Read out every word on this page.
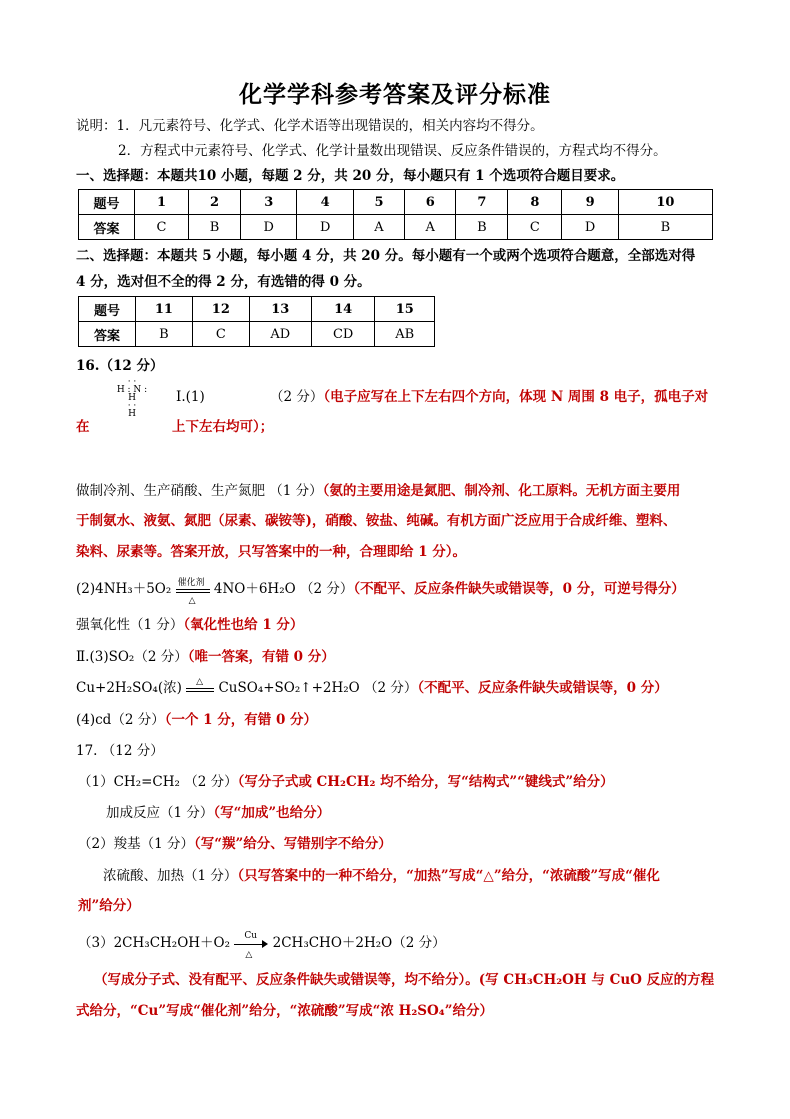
化学学科参考答案及评分标准
说明：1．凡元素符号、化学式、化学术语等出现错误的，相关内容均不得分。
2．方程式中元素符号、化学式、化学计量数出现错误、反应条件错误的，方程式均不得分。
一、选择题：本题共10 小题，每题 2 分，共 20 分，每小题只有 1 个选项符合题目要求。
题号	1	2	3	4	5	6	7	8	9	10
答案	C	B	D	D	A	A	B	C	D	B
二、选择题：本题共 5 小题，每小题 4 分，共 20 分。每小题有一个或两个选项符合题意，全部选对得
4 分，选对但不全的得 2 分，有选错的得 0 分。
题号	11	12	13	14	15
答案	B	C	AD	CD	AB
16.（12 分）
· ·
H : N : H
· ·
H
Ⅰ.(1)	（2 分）（电子应写在上下左右四个方向，体现 N 周围 8 电子，孤电子对
在	上下左右均可）；
做制冷剂、生产硝酸、生产氮肥 （1 分）（氨的主要用途是氮肥、制冷剂、化工原料。无机方面主要用
于制氨水、液氨、氮肥（尿素、碳铵等)，硝酸、铵盐、纯碱。有机方面广泛应用于合成纤维、塑料、
染料、尿素等。答案开放，只写答案中的一种，合理即给 1 分）。
(2)4NH₃＋5O₂ 催化剂
△
4NO＋6H₂O （2 分）（不配平、反应条件缺失或错误等，0 分，可逆号得分）
强氧化性（1 分）（氧化性也给 1 分）
Ⅱ.(3)SO₂（2 分）（唯一答案，有错 0 分）
Cu+2H₂SO₄(浓) △ CuSO₄+SO₂↑+2H₂O （2 分）（不配平、反应条件缺失或错误等，0 分）
(4)cd（2 分）（一个 1 分，有错 0 分）
17. （12 分）
（1）CH₂=CH₂ （2 分）（写分子式或 CH₂CH₂ 均不给分，写“结构式”“键线式”给分）
加成反应（1 分）（写“加成”也给分）
（2）羧基（1 分）（写“羰”给分、写错别字不给分）
浓硫酸、加热（1 分）（只写答案中的一种不给分，“加热”写成“△”给分，“浓硫酸”写成“催化
剂”给分）
（3）2CH₃CH₂OH＋O₂ Cu
△
2CH₃CHO＋2H₂O（2 分）
（写成分子式、没有配平、反应条件缺失或错误等，均不给分）。(写 CH₃CH₂OH 与 CuO 反应的方程
式给分，“Cu”写成“催化剂”给分，“浓硫酸”写成“浓 H₂SO₄”给分）
